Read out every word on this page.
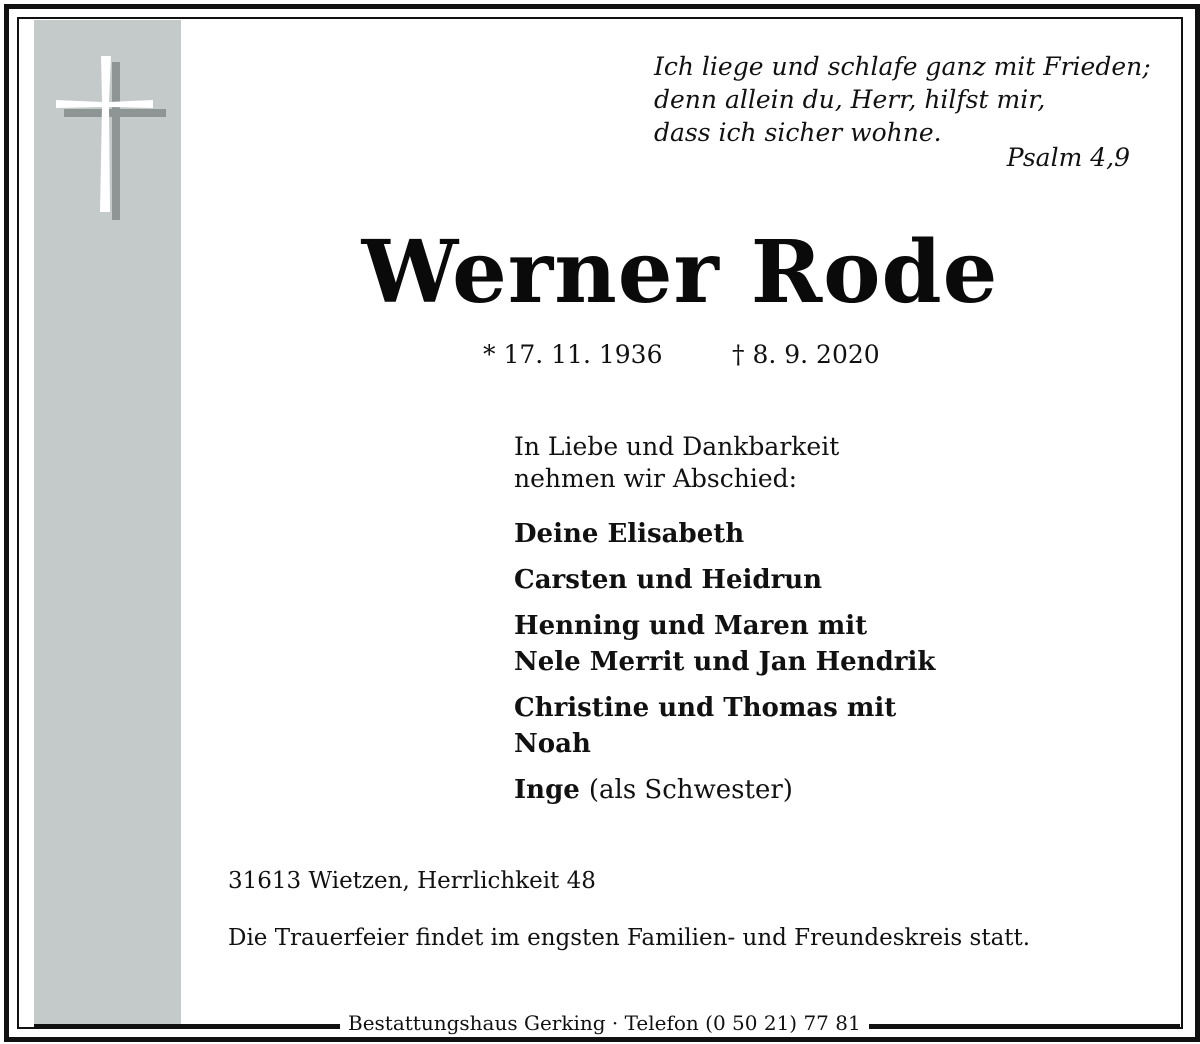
Ich liege und schlafe ganz mit Frieden;
denn allein du, Herr, hilfst mir,
dass ich sicher wohne.
Psalm 4,9
Werner Rode
* 17. 11. 1936	† 8. 9. 2020
In Liebe und Dankbarkeit
nehmen wir Abschied:
Deine Elisabeth
Carsten und Heidrun
Henning und Maren mit
Nele Merrit und Jan Hendrik
Christine und Thomas mit
Noah
Inge (als Schwester)
31613 Wietzen, Herrlichkeit 48
Die Trauerfeier findet im engsten Familien- und Freundeskreis statt.
Bestattungshaus Gerking · Telefon (0 50 21) 77 81
